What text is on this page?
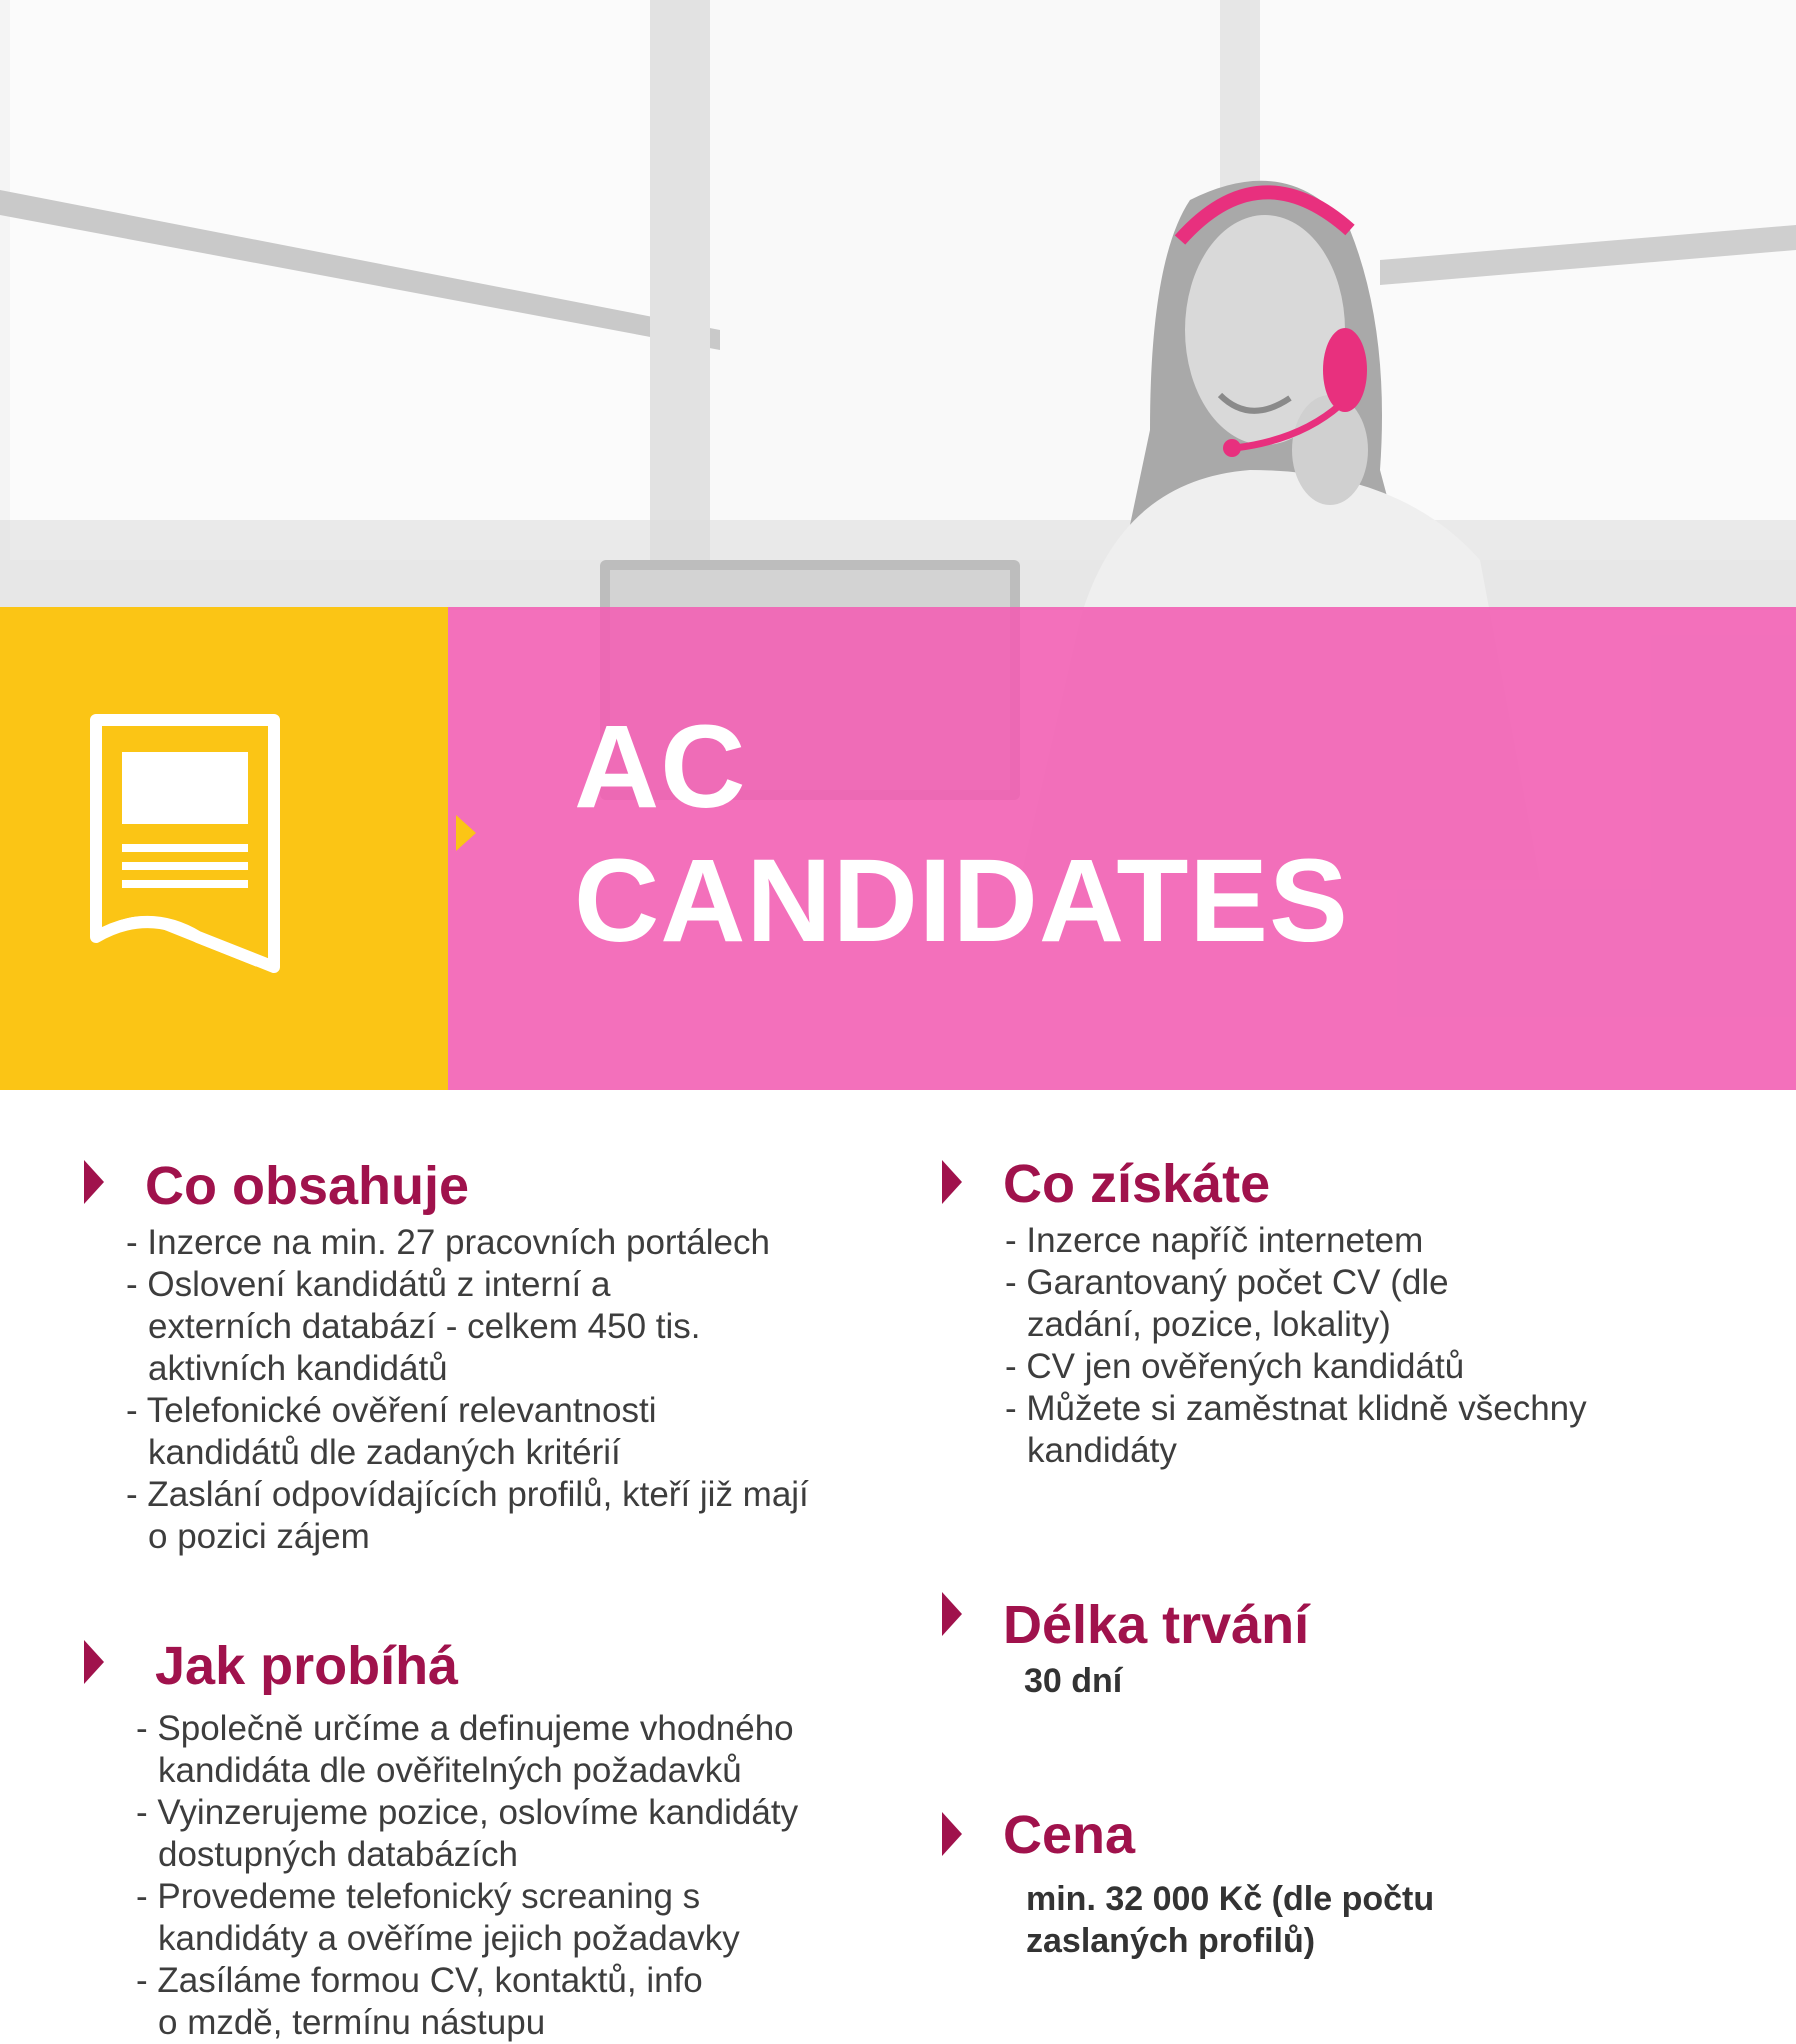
AC
CANDIDATES
Co obsahuje
- Inzerce na min. 27 pracovních portálech
- Oslovení kandidátů z interní a externích databází - celkem 450 tis. aktivních kandidátů
- Telefonické ověření relevantnosti kandidátů dle zadaných kritérií
- Zaslání odpovídajících profilů, kteří již mají o pozici zájem
Jak probíhá
- Společně určíme a definujeme vhodného kandidáta dle ověřitelných požadavků
- Vyinzerujeme pozice, oslovíme kandidáty dostupných databázích
- Provedeme telefonický screaning s kandidáty a ověříme jejich požadavky
- Zasíláme formou CV, kontaktů, info o mzdě, termínu nástupu
Co získáte
- Inzerce napříč internetem
- Garantovaný počet CV (dle zadání, pozice, lokality)
- CV jen ověřených kandidátů
- Můžete si zaměstnat klidně všechny kandidáty
Délka trvání

30 dní

Cena

min. 32 000 Kč (dle počtu zaslaných profilů)
